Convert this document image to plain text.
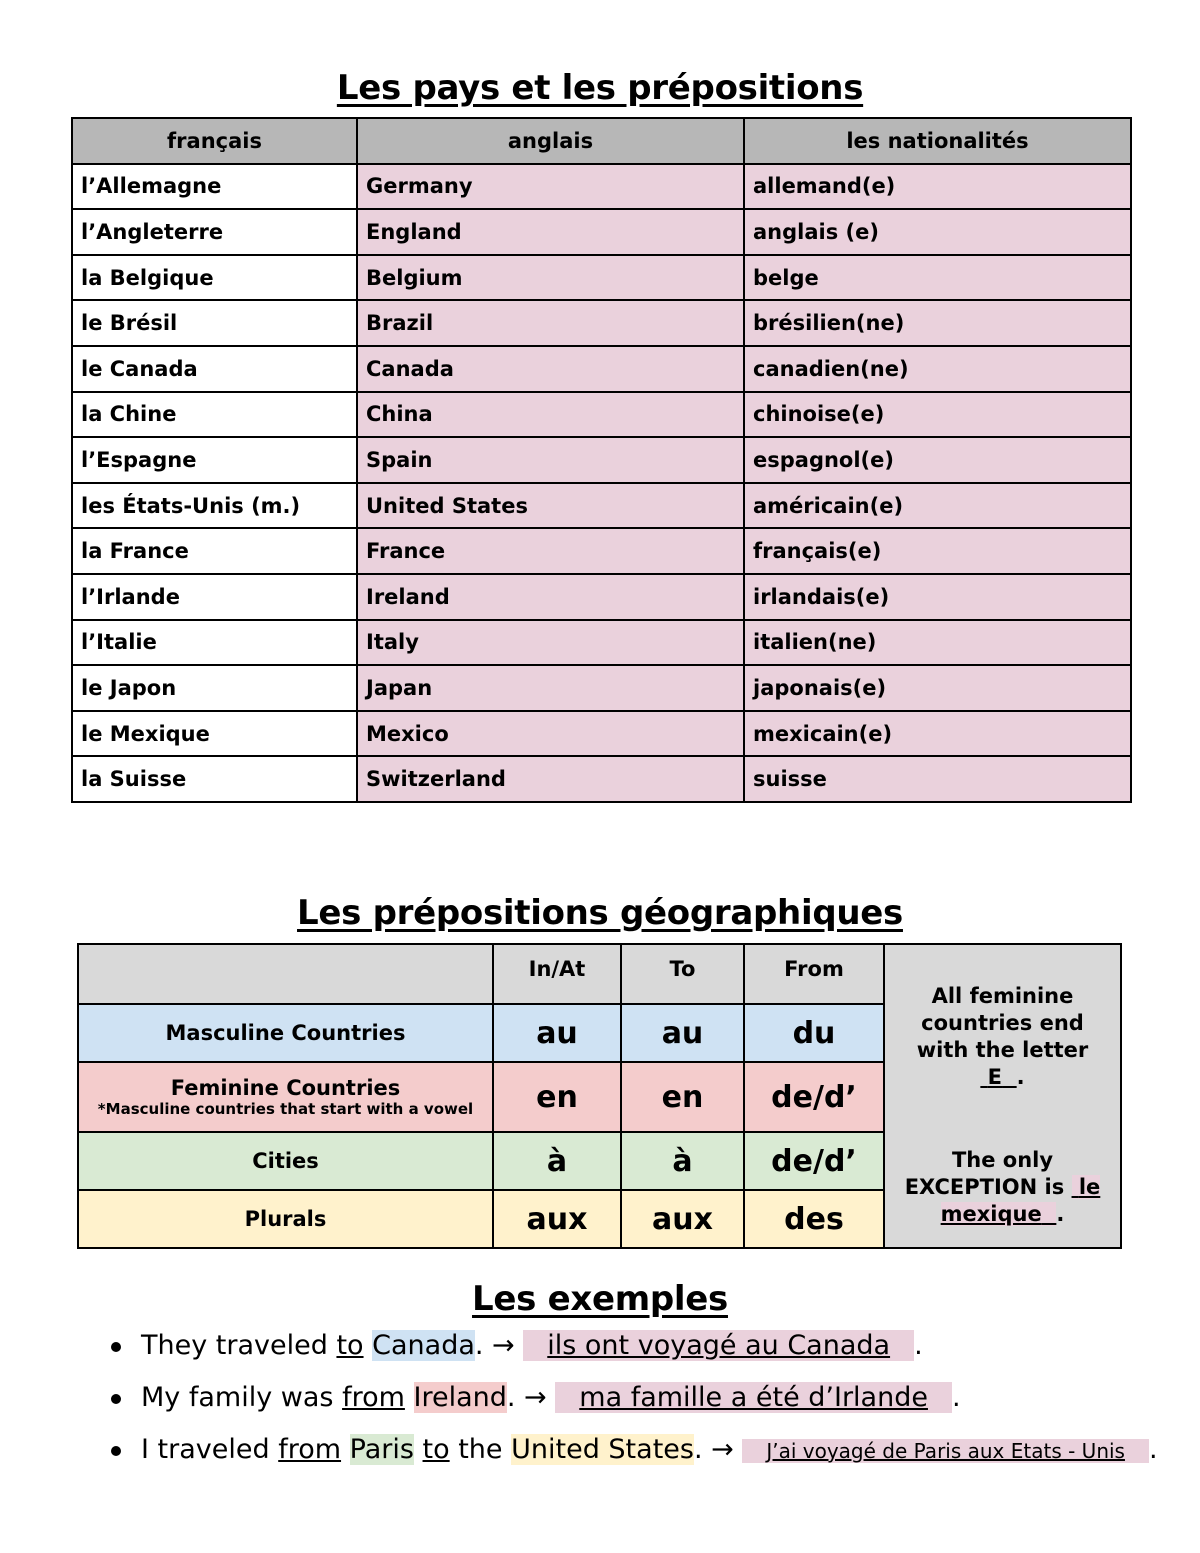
Les pays et les prépositions
français	anglais	les nationalités
l’Allemagne	Germany	allemand(e)
l’Angleterre	England	anglais (e)
la Belgique	Belgium	belge
le Brésil	Brazil	brésilien(ne)
le Canada	Canada	canadien(ne)
la Chine	China	chinoise(e)
l’Espagne	Spain	espagnol(e)
les États-Unis (m.)	United States	américain(e)
la France	France	français(e)
l’Irlande	Ireland	irlandais(e)
l’Italie	Italy	italien(ne)
le Japon	Japan	japonais(e)
le Mexique	Mexico	mexicain(e)
la Suisse	Switzerland	suisse
Les prépositions géographiques
	In/At	To	From	All feminine countries end with the letter  E .
The only EXCEPTION is le mexique .

Masculine Countries	au	au	du	
Feminine Countries
*Masculine countries that start with a vowel	en	en	de/d’	
Cities	à	à	de/d’	
Plurals	aux	aux	des	
Les exemples
They traveled to Canada. → ils ont voyagé au Canada .
My family was from Ireland. → ma famille a été d’Irlande .
I traveled from Paris to the United States. → J’ai voyagé de Paris aux Etats - Unis .
